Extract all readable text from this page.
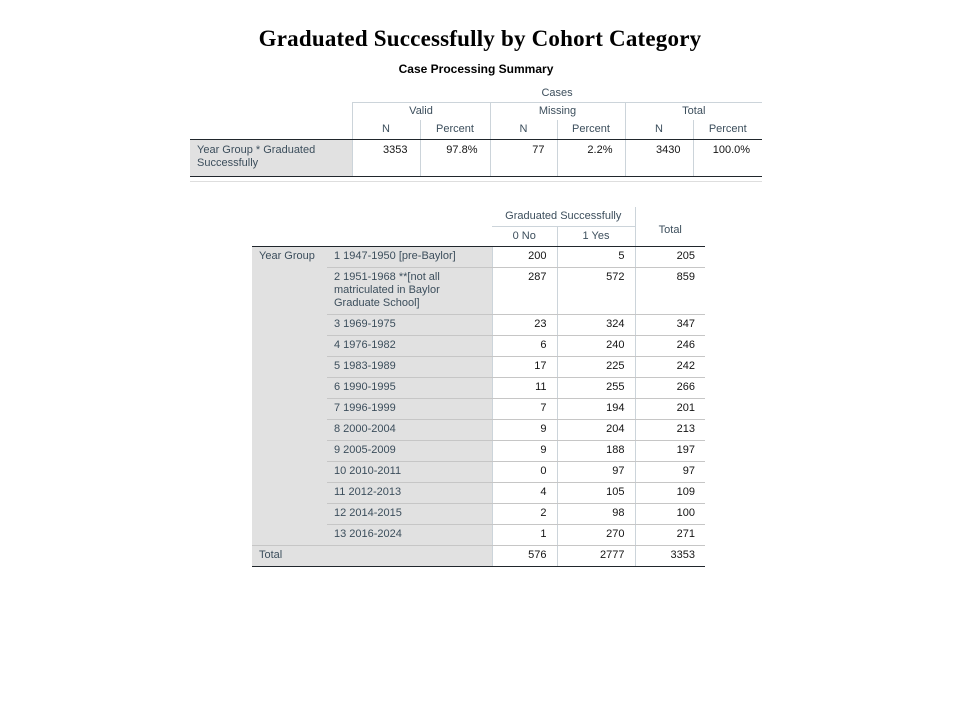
Graduated Successfully by Cohort Category
Case Processing Summary
	Cases					
	Valid		Missing		Total	
	N	Percent	N	Percent	N	Percent
Year Group * Graduated Successfully	3353	97.8%	77	2.2%	3430	100.0%
		Graduated Successfully		Total
		0 No	1 Yes	
Year Group	1 1947-1950 [pre-Baylor]	200	5	205
	2 1951-1968 **[not all matriculated in Baylor Graduate School]	287	572	859
	3 1969-1975	23	324	347
	4 1976-1982	6	240	246
	5 1983-1989	17	225	242
	6 1990-1995	11	255	266
	7 1996-1999	7	194	201
	8 2000-2004	9	204	213
	9 2005-2009	9	188	197
	10 2010-2011	0	97	97
	11 2012-2013	4	105	109
	12 2014-2015	2	98	100
	13 2016-2024	1	270	271
Total		576	2777	3353
